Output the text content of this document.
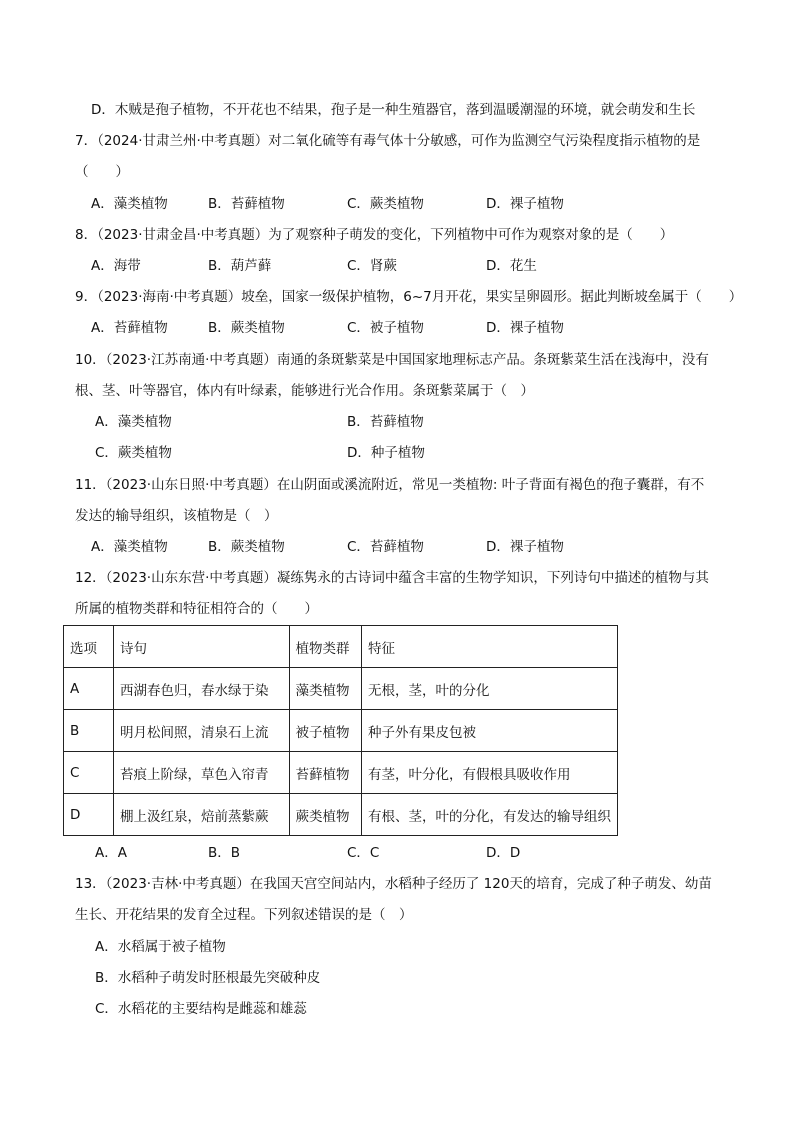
D．木贼是孢子植物，不开花也不结果，孢子是一种生殖器官，落到温暖潮湿的环境，就会萌发和生长
7．（2024·甘肃兰州·中考真题）对二氧化硫等有毒气体十分敏感，可作为监测空气污染程度指示植物的是
（　　）
A．藻类植物	B．苔藓植物	C．蕨类植物	D．裸子植物
8．（2023·甘肃金昌·中考真题）为了观察种子萌发的变化，下列植物中可作为观察对象的是（　　）
A．海带	B．葫芦藓	C．肾蕨	D．花生
9．（2023·海南·中考真题）坡垒，国家一级保护植物，6~7月开花，果实呈卵圆形。据此判断坡垒属于（　　）
A．苔藓植物	B．蕨类植物	C．被子植物	D．裸子植物
10．（2023·江苏南通·中考真题）南通的条斑紫菜是中国国家地理标志产品。条斑紫菜生活在浅海中，没有
根、茎、叶等器官，体内有叶绿素，能够进行光合作用。条斑紫菜属于（　）
A．藻类植物	B．苔藓植物
C．蕨类植物	D．种子植物
11．（2023·山东日照·中考真题）在山阴面或溪流附近，常见一类植物: 叶子背面有褐色的孢子囊群，有不
发达的输导组织，该植物是（　）
A．藻类植物	B．蕨类植物	C．苔藓植物	D．裸子植物
12．（2023·山东东营·中考真题）凝练隽永的古诗词中蕴含丰富的生物学知识，下列诗句中描述的植物与其
所属的植物类群和特征相符合的（　　）
选项	诗句	植物类群	特征
A	西湖春色归，春水绿于染	藻类植物	无根，茎，叶的分化
B	明月松间照，清泉石上流	被子植物	种子外有果皮包被
C	苔痕上阶绿，草色入帘青	苔藓植物	有茎，叶分化，有假根具吸收作用
D	棚上汲红泉，焙前蒸紫蕨	蕨类植物	有根、茎，叶的分化，有发达的输导组织
A．A	B．B	C．C	D．D
13．（2023·吉林·中考真题）在我国天宫空间站内，水稻种子经历了 120天的培育，完成了种子萌发、幼苗
生长、开花结果的发育全过程。下列叙述错误的是（　）
A．水稻属于被子植物
B．水稻种子萌发时胚根最先突破种皮
C．水稻花的主要结构是雌蕊和雄蕊
